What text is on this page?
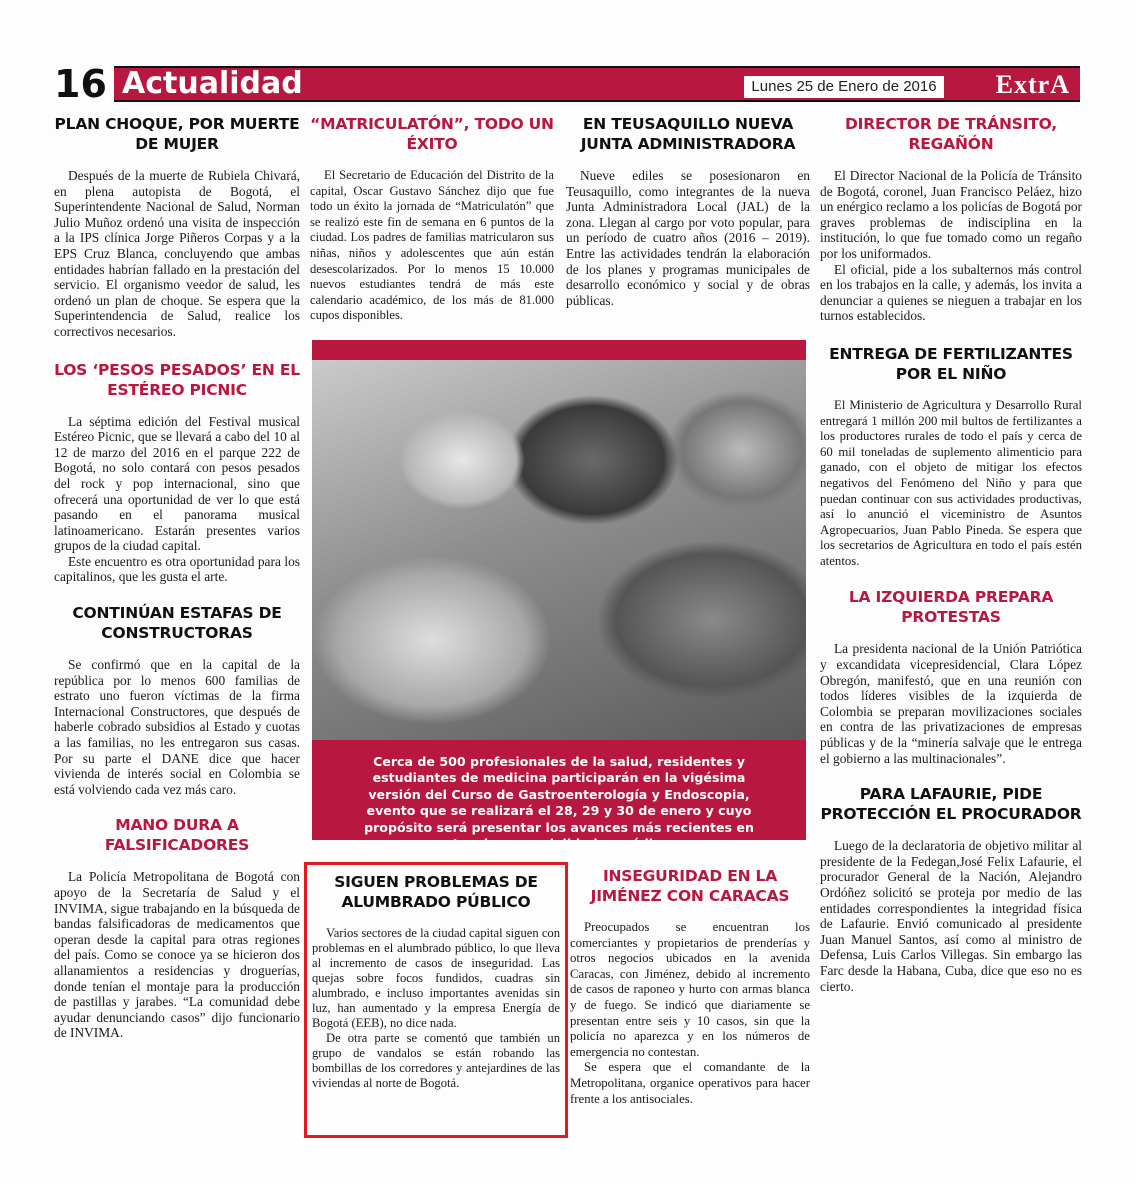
16 Actualidad	Lunes 25 de Enero de 2016 ExtrA
PLAN CHOQUE, POR MUERTE DE MUJER

Después de la muerte de Rubiela Chivará, en plena autopista de Bogotá, el Superintendente Nacional de Salud, Norman Julio Muñoz ordenó una visita de inspección a la IPS clínica Jorge Piñeros Corpas y a la EPS Cruz Blanca, concluyendo que ambas entidades habrían fallado en la prestación del servicio. El organismo veedor de salud, les ordenó un plan de choque. Se espera que la Superintendencia de Salud, realice los correctivos necesarios.

LOS ‘PESOS PESADOS’ EN EL ESTÉREO PICNIC

La séptima edición del Festival musical Estéreo Picnic, que se llevará a cabo del 10 al 12 de marzo del 2016 en el parque 222 de Bogotá, no solo contará con pesos pesados del rock y pop internacional, sino que ofrecerá una oportunidad de ver lo que está pasando en el panorama musical latinoamericano. Estarán presentes varios grupos de la ciudad capital.

Este encuentro es otra oportunidad para los capitalinos, que les gusta el arte.

CONTINÚAN ESTAFAS DE CONSTRUCTORAS

Se confirmó que en la capital de la república por lo menos 600 familias de estrato uno fueron víctimas de la firma Internacional Constructores, que después de haberle cobrado subsidios al Estado y cuotas a las familias, no les entregaron sus casas. Por su parte el DANE dice que hacer vivienda de interés social en Colombia se está volviendo cada vez más caro.

MANO DURA A FALSIFICADORES

La Policía Metropolitana de Bogotá con apoyo de la Secretaría de Salud y el INVIMA, sigue trabajando en la búsqueda de bandas falsificadoras de medicamentos que operan desde la capital para otras regiones del país. Como se conoce ya se hicieron dos allanamientos a residencias y droguerías, donde tenían el montaje para la producción de pastillas y jarabes. “La comunidad debe ayudar denunciando casos” dijo funcionario de INVIMA.

“MATRICULATÓN”, TODO UN ÉXITO

El Secretario de Educación del Distrito de la capital, Oscar Gustavo Sánchez dijo que fue todo un éxito la jornada de “Matriculatón” que se realizó este fin de semana en 6 puntos de la ciudad. Los padres de familias matricularon sus niñas, niños y adolescentes que aún están desescolarizados. Por lo menos 15 10.000 nuevos estudiantes tendrá de más este calendario académico, de los más de 81.000 cupos disponibles.

EN TEUSAQUILLO NUEVA JUNTA ADMINISTRADORA

Nueve ediles se posesionaron en Teusaquillo, como integrantes de la nueva Junta Administradora Local (JAL) de la zona. Llegan al cargo por voto popular, para un período de cuatro años (2016 – 2019). Entre las actividades tendrán la elaboración de los planes y programas municipales de desarrollo económico y social y de obras públicas.

Cerca de 500 profesionales de la salud, residentes y estudiantes de medicina participarán en la vigésima versión del Curso de Gastroenterología y Endoscopia, evento que se realizará el 28, 29 y 30 de enero y cuyo propósito será presentar los avances más recientes en estas dos especialidades médicas.
DIRECTOR DE TRÁNSITO, REGAÑÓN

El Director Nacional de la Policía de Tránsito de Bogotá, coronel, Juan Francisco Peláez, hizo un enérgico reclamo a los policías de Bogotá por graves problemas de indisciplina en la institución, lo que fue tomado como un regaño por los uniformados.

El oficial, pide a los subalternos más control en los trabajos en la calle, y además, los invita a denunciar a quienes se nieguen a trabajar en los turnos establecidos.

ENTREGA DE FERTILIZANTES POR EL NIÑO

El Ministerio de Agricultura y Desarrollo Rural entregará 1 millón 200 mil bultos de fertilizantes a los productores rurales de todo el país y cerca de 60 mil toneladas de suplemento alimenticio para ganado, con el objeto de mitigar los efectos negativos del Fenómeno del Niño y para que puedan continuar con sus actividades productivas, así lo anunció el viceministro de Asuntos Agropecuarios, Juan Pablo Pineda. Se espera que los secretarios de Agricultura en todo el país estén atentos.

LA IZQUIERDA PREPARA PROTESTAS

La presidenta nacional de la Unión Patriótica y excandidata vicepresidencial, Clara López Obregón, manifestó, que en una reunión con todos líderes visibles de la izquierda de Colombia se preparan movilizaciones sociales en contra de las privatizaciones de empresas públicas y de la “minería salvaje que le entrega el gobierno a las multinacionales”.

PARA LAFAURIE, PIDE PROTECCIÓN EL PROCURADOR

Luego de la declaratoria de objetivo militar al presidente de la Fedegan,José Felix Lafaurie, el procurador General de la Nación, Alejandro Ordóñez solicitó se proteja por medio de las entidades correspondientes la integridad física de Lafaurie. Envió comunicado al presidente Juan Manuel Santos, así como al ministro de Defensa, Luis Carlos Villegas. Sin embargo las Farc desde la Habana, Cuba, dice que eso no es cierto.

SIGUEN PROBLEMAS DE ALUMBRADO PÚBLICO

Varios sectores de la ciudad capital siguen con problemas en el alumbrado público, lo que lleva al incremento de casos de inseguridad. Las quejas sobre focos fundidos, cuadras sin alumbrado, e incluso importantes avenidas sin luz, han aumentado y la empresa Energía de Bogotá (EEB), no dice nada.

De otra parte se comentó que también un grupo de vandalos se están robando las bombillas de los corredores y antejardines de las viviendas al norte de Bogotá.

INSEGURIDAD EN LA JIMÉNEZ CON CARACAS

Preocupados se encuentran los comerciantes y propietarios de prenderías y otros negocios ubicados en la avenida Caracas, con Jiménez, debido al incremento de casos de raponeo y hurto con armas blanca y de fuego. Se indicó que diariamente se presentan entre seis y 10 casos, sin que la policía no aparezca y en los números de emergencia no contestan.

Se espera que el comandante de la Metropolitana, organice operativos para hacer frente a los antisociales.
